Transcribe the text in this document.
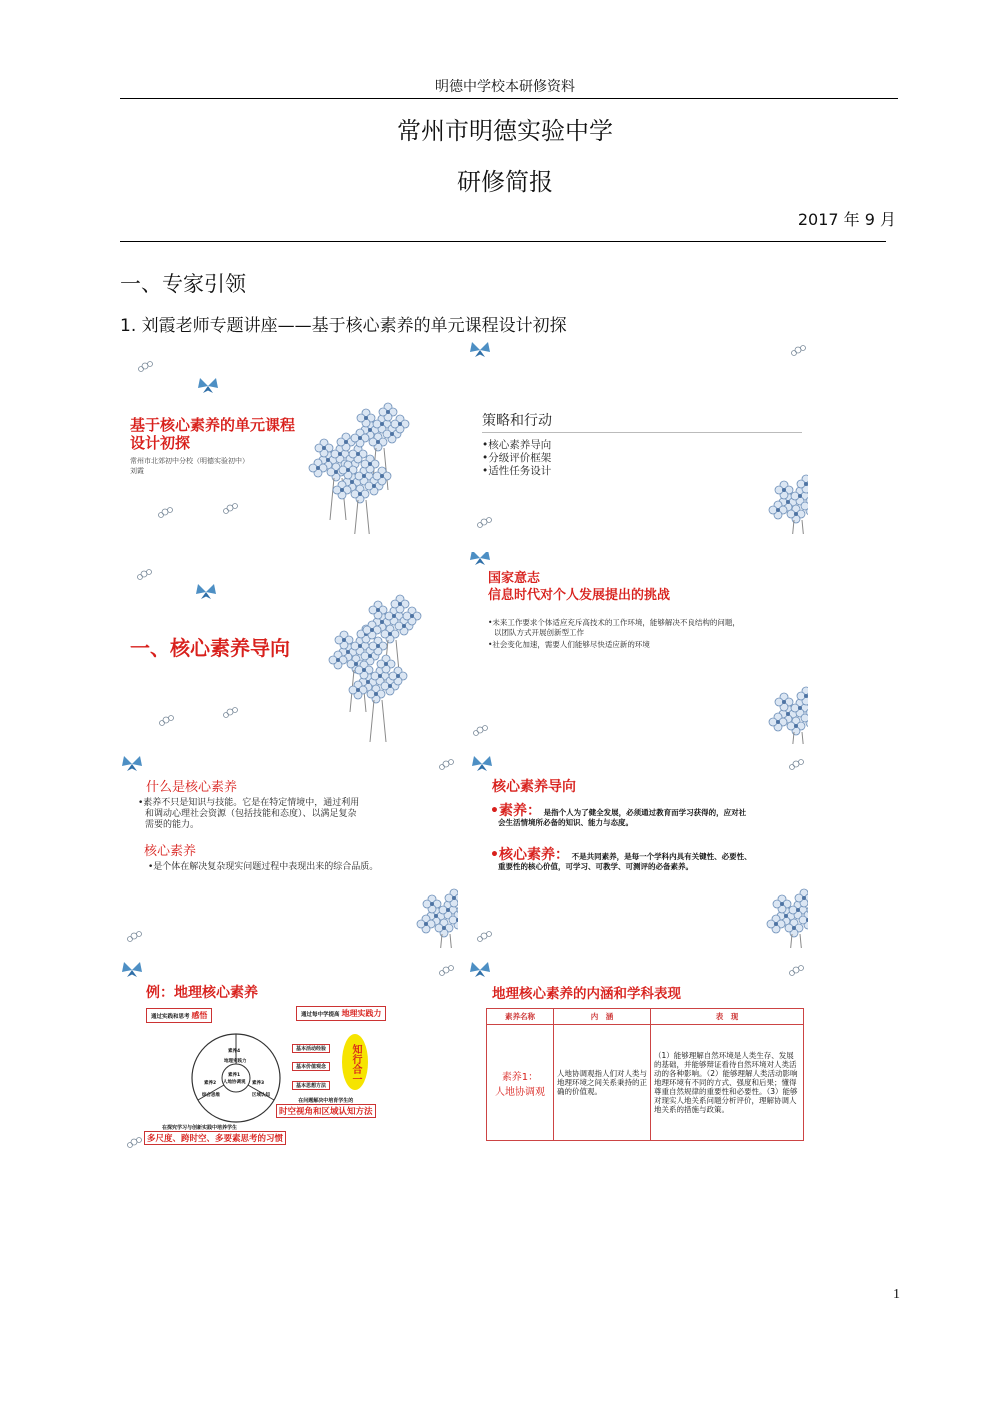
明德中学校本研修资料
常州市明德实验中学
研修简报
2017 年 9 月
一、专家引领
1. 刘霞老师专题讲座——基于核心素养的单元课程设计初探
基于核心素养的单元课程
设计初探
常州市北郊初中分校（明德实验初中）
刘霞
策略和行动
•核心素养导向
•分级评价框架
•适性任务设计
一、核心素养导向
国家意志
信息时代对个人发展提出的挑战
•未来工作要求个体适应充斥高技术的工作环境，能够解决不良结构的问题，
以团队方式开展创新型工作
•社会变化加速，需要人们能够尽快适应新的环境
什么是核心素养
•素养不只是知识与技能。它是在特定情境中，通过利用
和调动心理社会资源（包括技能和态度）、以满足复杂
需要的能力。
核心素养
•是个体在解决复杂现实问题过程中表现出来的综合品质。
核心素养导向
•素养： 是指个人为了健全发展，必须通过教育而学习获得的，应对社
会生活情境所必备的知识、能力与态度。
•核心素养： 不是共同素养，是每一个学科内具有关键性、必要性、
重要性的核心价值，可学习、可教学、可测评的必备素养。
例：地理核心素养
通过实践和思考 感悟	通过每中学提高 地理实践力
素养4
素养1
人地协调观
素养2
综合思维
素养3
区域认知
地理实践力
基本活动经验
基本价值观念
基本思想方法
知行合一
在问题解决中培育学生的
时空视角和区域认知方法
在探究学习与创新实践中培养学生
多尺度、跨时空、多要素思考的习惯
地理核心素养的内涵和学科表现
素养名称	内　涵	表　现

素养1：
人地协调观	人地协调观指人们对人类与地理环境之间关系秉持的正确的价值观。	（1）能够理解自然环境是人类生存、发展的基础，并能够辩证看待自然环境对人类活动的各种影响。（2）能够理解人类活动影响地理环境有不同的方式、强度和后果；懂得尊重自然规律的重要性和必要性。（3）能够对现实人地关系问题分析评价，理解协调人地关系的措施与政策。
1
